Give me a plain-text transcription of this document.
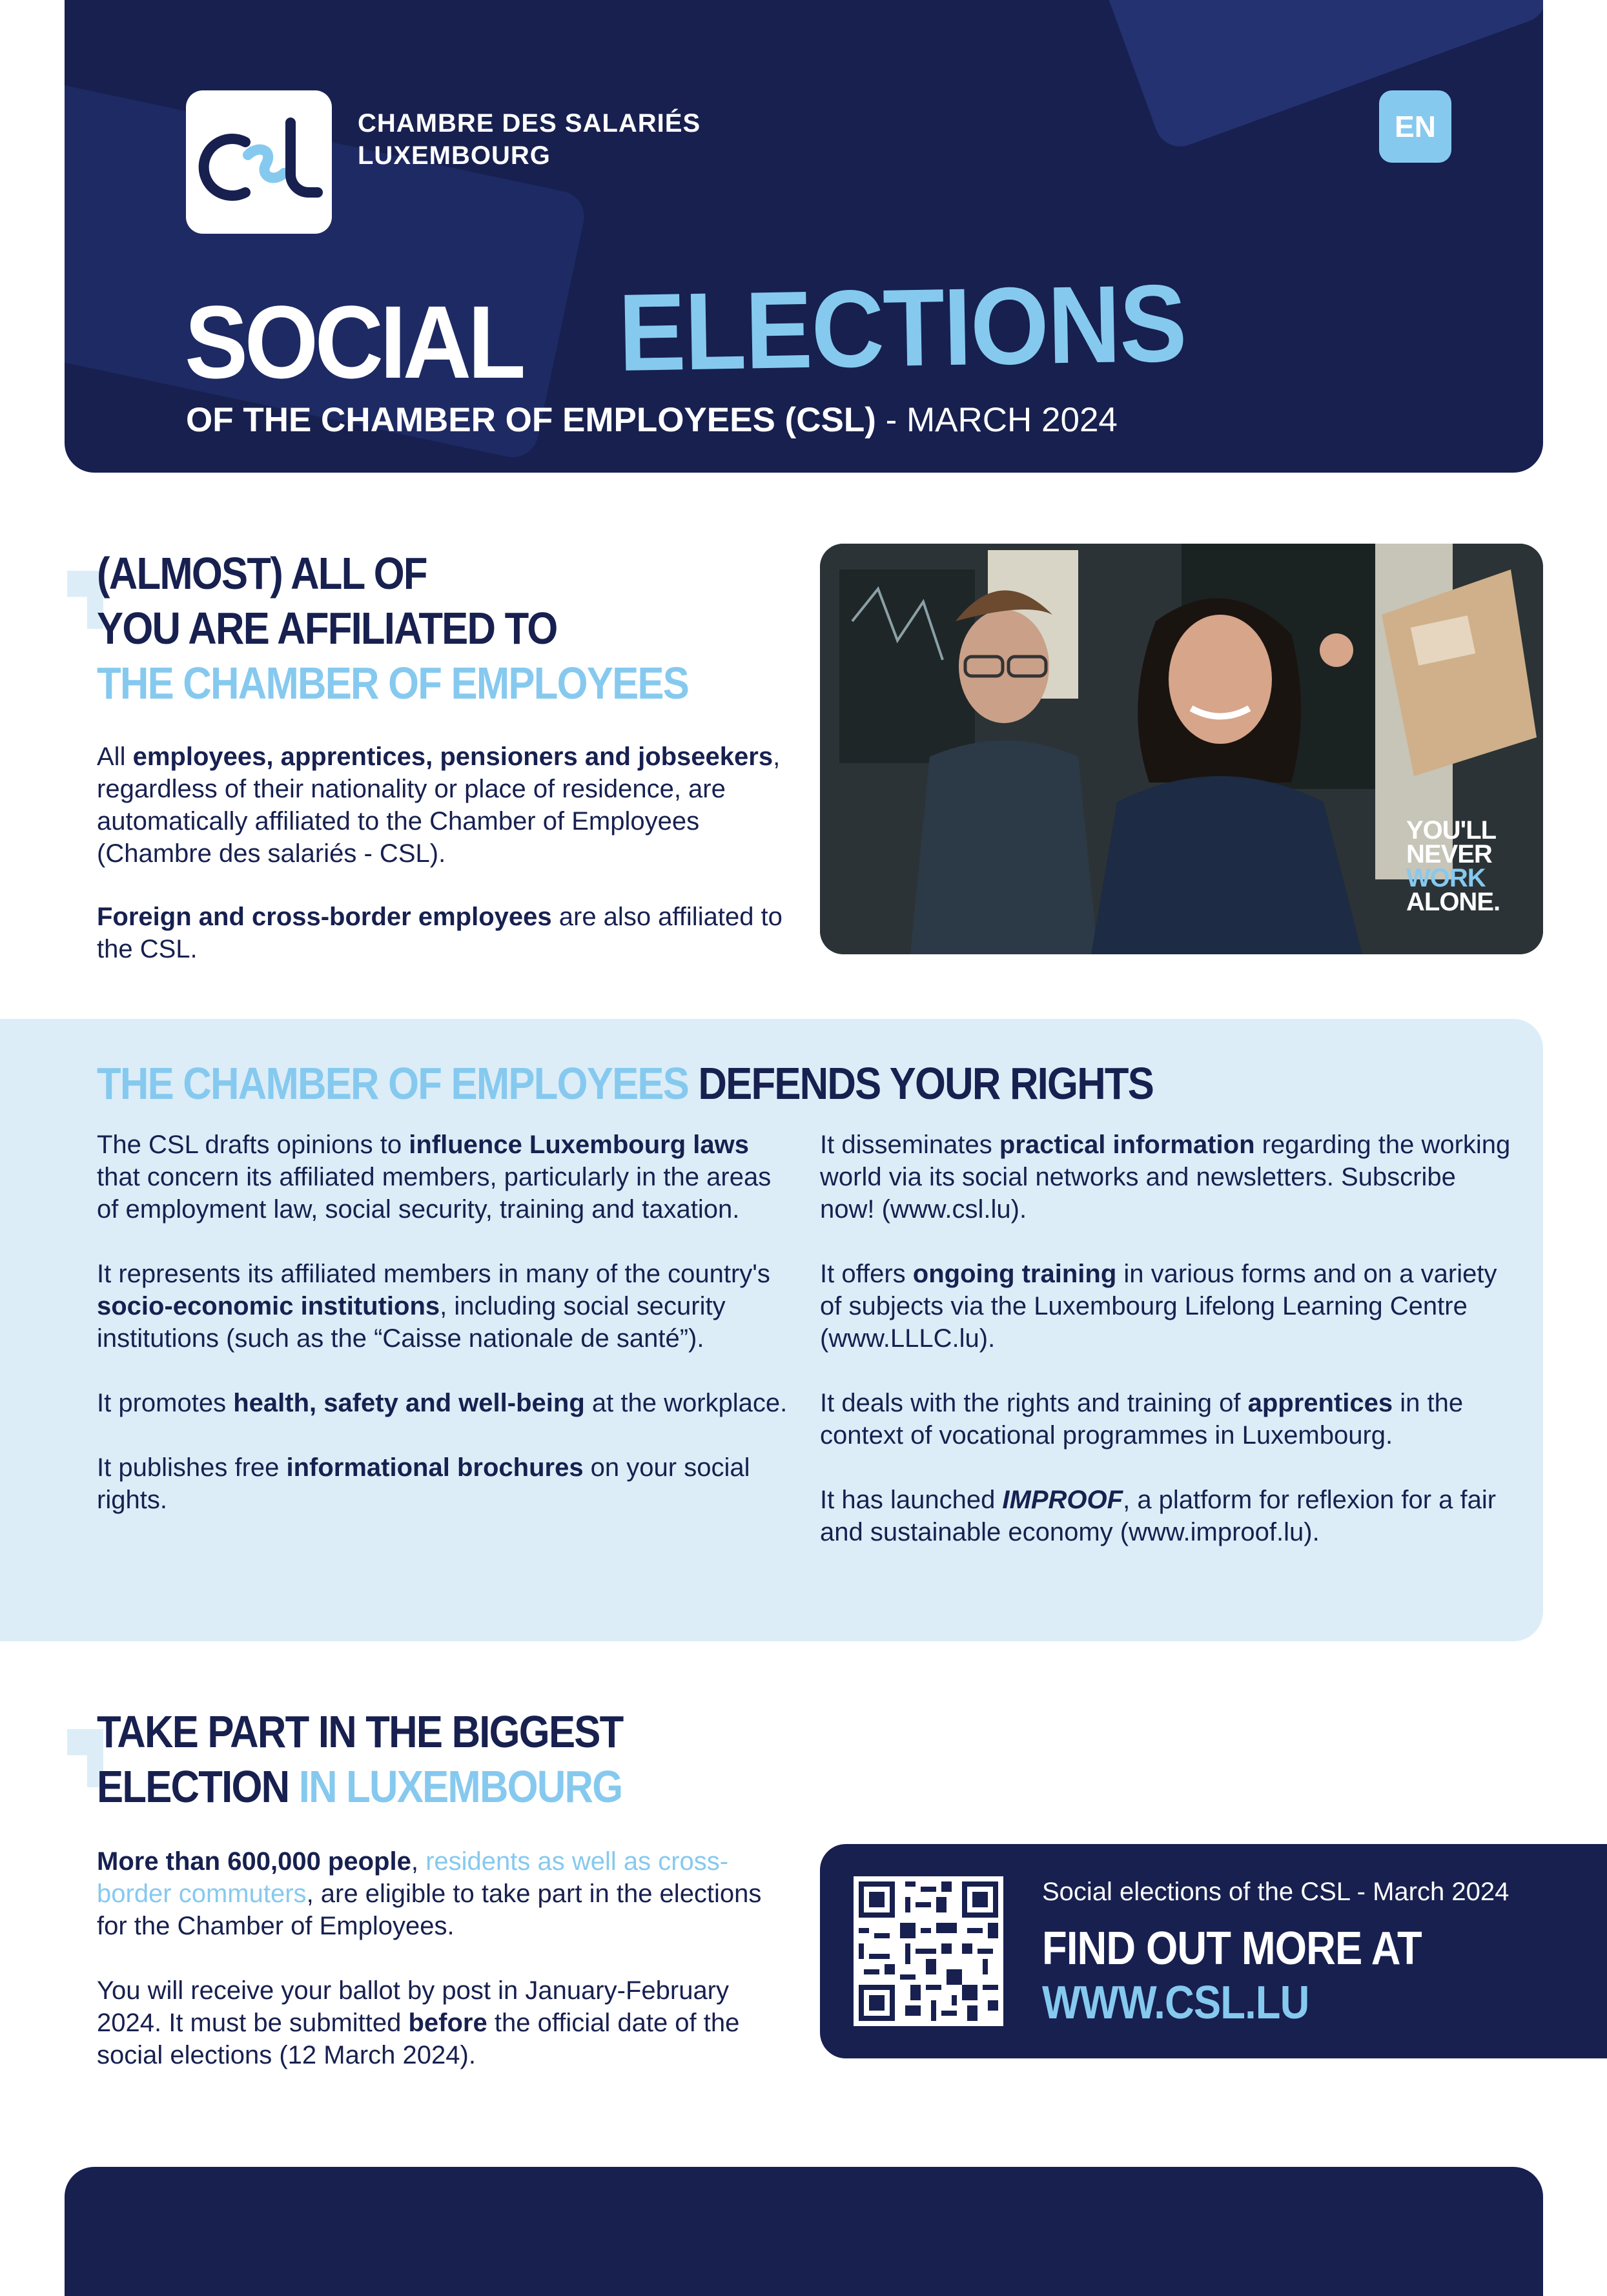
CHAMBRE DES SALARIÉS
LUXEMBOURG
EN
SOCIAL ELECTIONS
OF THE CHAMBER OF EMPLOYEES (CSL) - MARCH 2024
(ALMOST) ALL OF
YOU ARE AFFILIATED TO
THE CHAMBER OF EMPLOYEES

All employees, apprentices, pensioners and jobseekers, regardless of their nationality or place of residence, are automatically affiliated to the Chamber of Employees (Chambre des salariés - CSL).

Foreign and cross-border employees are also affiliated to the CSL.

YOU'LL
NEVER
WORK
ALONE.
THE CHAMBER OF EMPLOYEES DEFENDS YOUR RIGHTS

The CSL drafts opinions to influence Luxembourg laws that concern its affiliated members, particularly in the areas of employment law, social security, training and taxation.

It represents its affiliated members in many of the country's socio-economic institutions, including social security institutions (such as the “Caisse nationale de santé”).

It promotes health, safety and well-being at the workplace.

It publishes free informational brochures on your social rights.

It disseminates practical information regarding the working world via its social networks and newsletters. Subscribe now! (www.csl.lu).

It offers ongoing training in various forms and on a variety of subjects via the Luxembourg Lifelong Learning Centre (www.LLLC.lu).

It deals with the rights and training of apprentices in the context of vocational programmes in Luxembourg.

It has launched IMPROOF, a platform for reflexion for a fair and sustainable economy (www.improof.lu).

TAKE PART IN THE BIGGEST
ELECTION IN LUXEMBOURG

More than 600,000 people, residents as well as cross-border commuters, are eligible to take part in the elections for the Chamber of Employees.

You will receive your ballot by post in January-February 2024. It must be submitted before the official date of the social elections (12 March 2024).

Social elections of the CSL - March 2024
FIND OUT MORE AT
WWW.CSL.LU
